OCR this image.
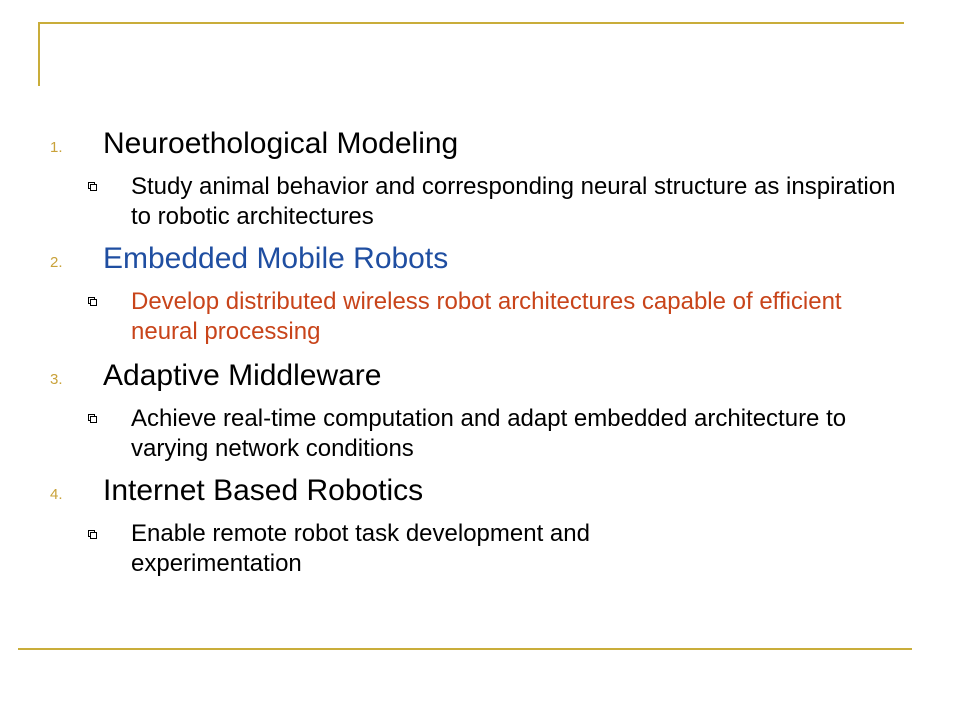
1. Neuroethological Modeling
Study animal behavior and corresponding neural structure as inspiration to robotic architectures
2. Embedded Mobile Robots
Develop distributed wireless robot architectures capable of efficient neural processing
3. Adaptive Middleware
Achieve real-time computation and adapt embedded architecture to varying network conditions
4. Internet Based Robotics
Enable remote robot task development and experimentation
